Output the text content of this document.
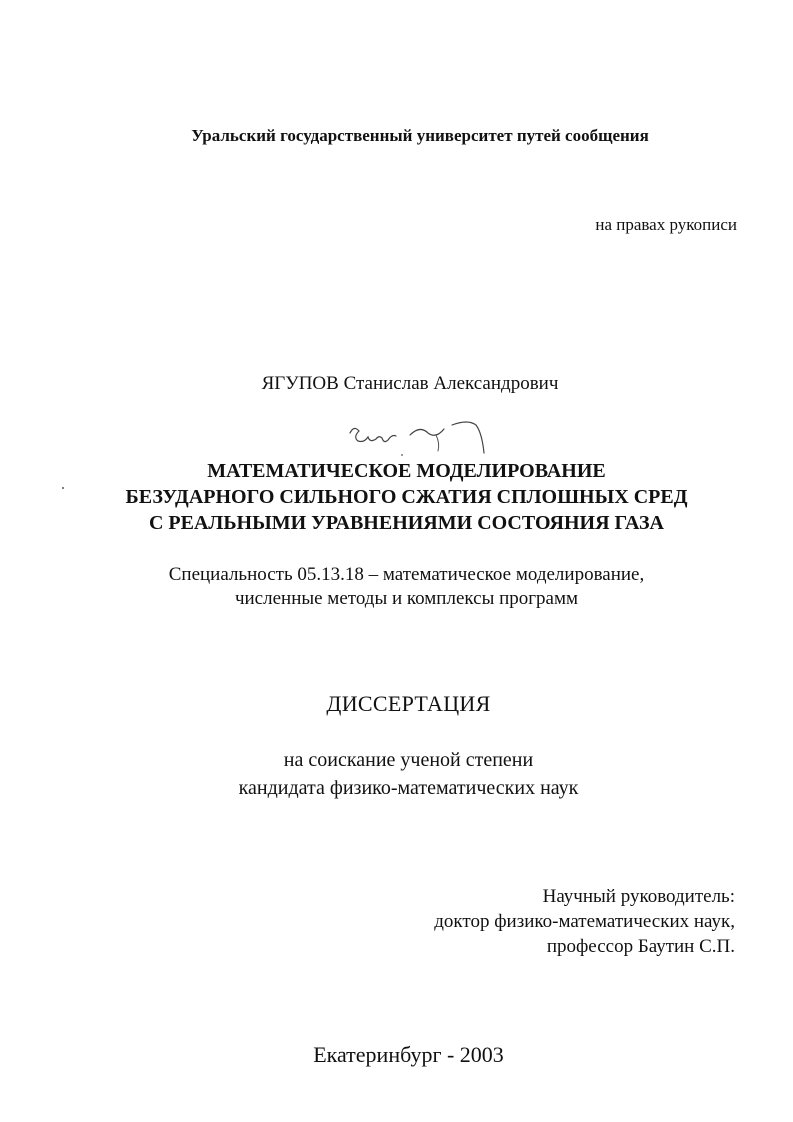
Уральский государственный университет путей сообщения
на правах рукописи
ЯГУПОВ Станислав Александрович
МАТЕМАТИЧЕСКОЕ МОДЕЛИРОВАНИЕ
БЕЗУДАРНОГО СИЛЬНОГО СЖАТИЯ СПЛОШНЫХ СРЕД
С РЕАЛЬНЫМИ УРАВНЕНИЯМИ СОСТОЯНИЯ ГАЗА
Специальность 05.13.18 – математическое моделирование,
численные методы и комплексы программ
ДИССЕРТАЦИЯ
на соискание ученой степени
кандидата физико-математических наук
Научный руководитель:
доктор физико-математических наук,
профессор Баутин С.П.
Екатеринбург - 2003
